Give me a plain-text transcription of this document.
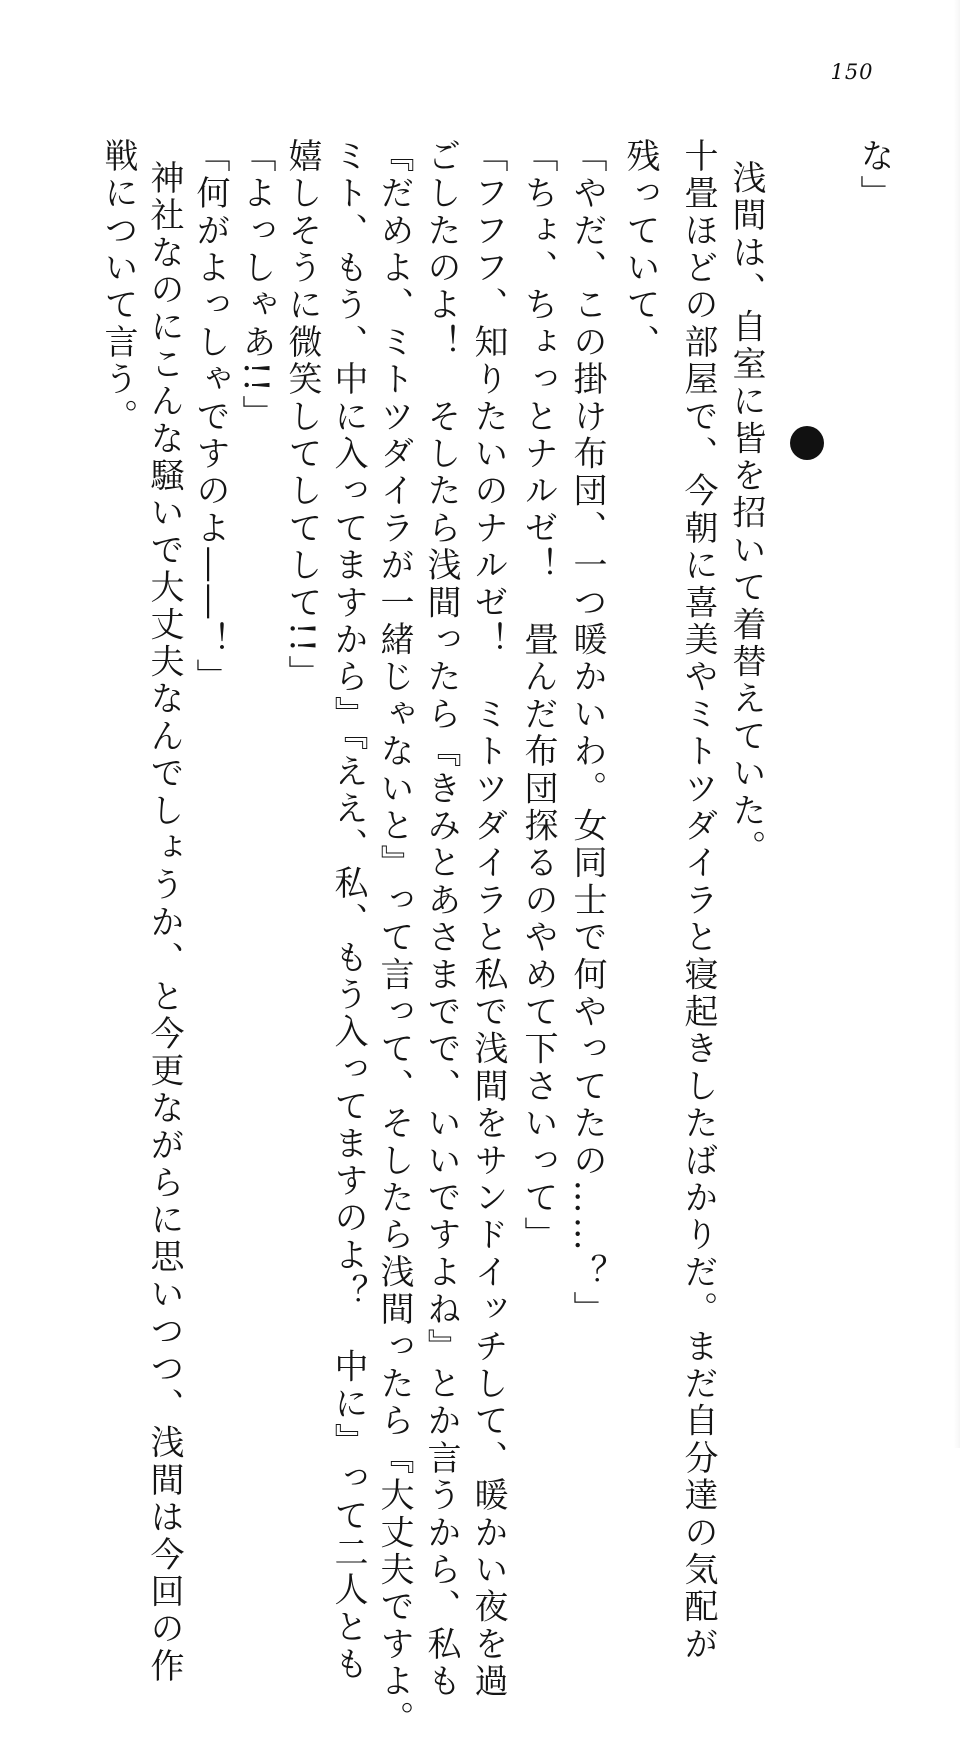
150
な」
浅間は、自室に皆を招いて着替えていた。
十畳ほどの部屋で、今朝に喜美やミトツダイラと寝起きしたばかりだ。まだ自分達の気配が
残っていて、
「やだ、この掛け布団、一つ暖かいわ。女同士で何やってたの……？」
「ちょ、ちょっとナルゼ！　畳んだ布団探るのやめて下さいって」
「フフフ、知りたいのナルゼ！　ミトツダイラと私で浅間をサンドイッチして、暖かい夜を過
ごしたのよ！　そしたら浅間ったら『きみとあさまでで、いいですよね』とか言うから、私も
『だめよ、ミトツダイラが一緒じゃないと』って言って、そしたら浅間ったら『大丈夫ですよ。
ミト、もう、中に入ってますから』『ええ、私、もう入ってますのよ？　中に』って二人とも
嬉しそうに微笑してしてして!!」
「よっしゃあ!!」
「何がよっしゃですのよ――！」
神社なのにこんな騒いで大丈夫なんでしょうか、と今更ながらに思いつつ、浅間は今回の作
戦について言う。
